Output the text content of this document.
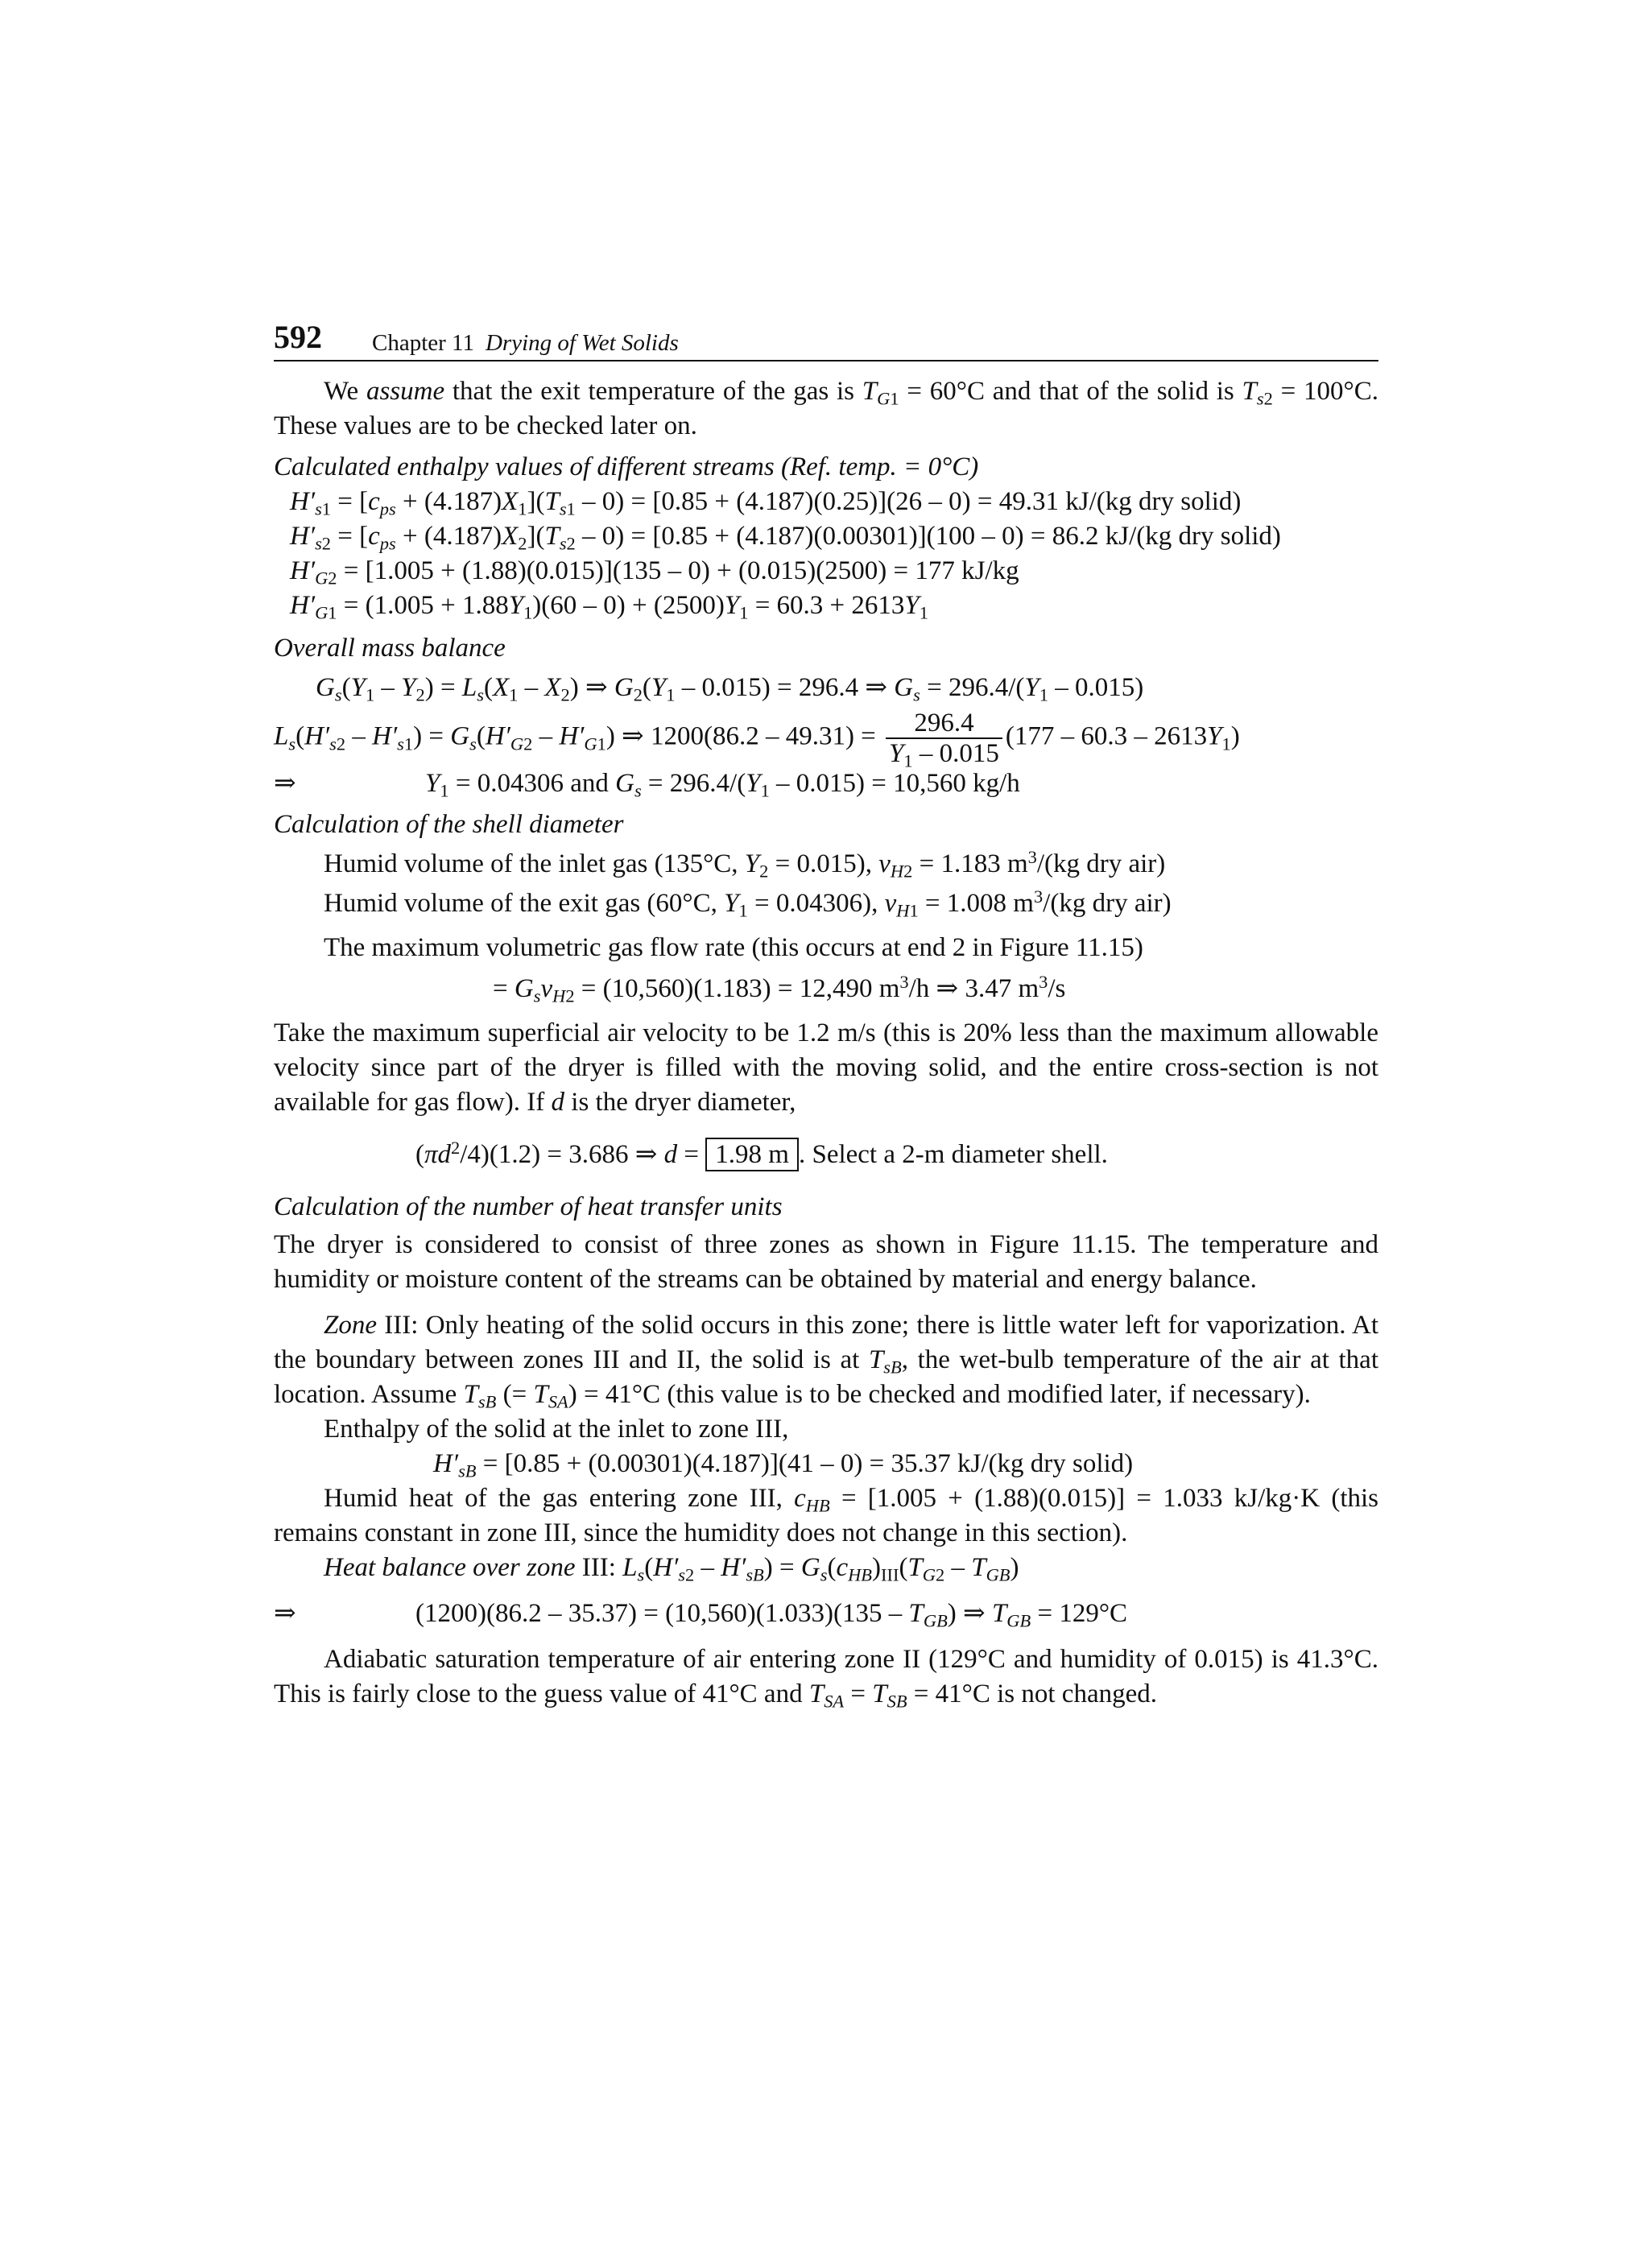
592 Chapter 11 Drying of Wet Solids

We assume that the exit temperature of the gas is $T_{G1} = 60^\circ C$ and that of the solid is $T_{s2} = 100^\circ C$. These values are to be checked later on.

Calculated enthalpy values of different streams (Ref. temp. = 0°C)

$H'_{s1} = [c_{ps} + (4.187)X_1](T_{s1} - 0) = [0.85 + (4.187)(0.25)](26 - 0) = 49.31$ kJ/(kg dry solid)
$H'_{s2} = [c_{ps} + (4.187)X_2](T_{s2} - 0) = [0.85 + (4.187)(0.00301)](100 - 0) = 86.2$ kJ/(kg dry solid)
$H'_{G2} = [1.005 + (1.88)(0.015)](135 - 0) + (0.015)(2500) = 177$ kJ/kg
$H'_{G1} = (1.005 + 1.88Y_1)(60 - 0) + (2500)Y_1 = 60.3 + 2613Y_1$

Overall mass balance

$G_s(Y_1 - Y_2) = L_s(X_1 - X_2)$ ⇒ $G_2(Y_1 - 0.015) = 296.4$ ⇒ $G_s = 296.4/(Y_1 - 0.015)$
$L_s(H'_{s2} - H'_{s1}) = G_s(H'_{G2} - H'_{G1})$ ⇒ $1200(86.2 - 49.31) = \frac{296.4}{Y_1 - 0.015} (177 - 60.3 - 2613Y_1)$
⇒	$Y_1 = 0.04306$ and $G_s = 296.4/(Y_1 - 0.015) = 10,560$ kg/h

Calculation of the shell diameter

Humid volume of the inlet gas (135°C, $Y_2 = 0.015$), $v_{H2} = 1.183$ $m^3/(kg$ dry air)
Humid volume of the exit gas (60°C, $Y_1 = 0.04306$), $v_{H1} = 1.008$ $m^3/(kg$ dry air)
The maximum volumetric gas flow rate (this occurs at end 2 in Figure 11.15)
= $G_sv_{H2} = (10,560)(1.183) = 12,490$ $m^3/h$ ⇒ 3.47 $m^3/s$

Take the maximum superficial air velocity to be 1.2 m/s (this is 20% less than the maximum allowable velocity since part of the dryer is filled with the moving solid, and the entire cross-section is not available for gas flow). If d is the dryer diameter,

$(\pi d^2/4)(1.2) = 3.686$ ⇒ d = 1.98 m . Select a 2-m diameter shell.

Calculation of the number of heat transfer units

The dryer is considered to consist of three zones as shown in Figure 11.15. The temperature and humidity or moisture content of the streams can be obtained by material and energy balance.

Zone III: Only heating of the solid occurs in this zone; there is little water left for vaporization. At the boundary between zones III and II, the solid is at $T_{sB}$, the wet-bulb temperature of the air at that location. Assume $T_{sB}$ (= $T_{SA}) = 41^\circ C$ (this value is to be checked and modified later, if necessary).

Enthalpy of the solid at the inlet to zone III,

$H'_{sB} = [0.85 + (0.00301)(4.187)](41 - 0) = 35.37$ kJ/(kg dry solid)

Humid heat of the gas entering zone III, $c_{HB} = [1.005 + (1.88)(0.015)] = 1.033$ kJ/kg·K (this remains constant in zone III, since the humidity does not change in this section).

Heat balance over zone III: $L_s(H'_{s2} - H'_{sB}) = G_s(c_{HB})_{III}(T_{G2} - T_{GB})$
⇒	$(1200)(86.2 - 35.37) = (10,560)(1.033)(135 - T_{GB})$ ⇒ $T_{GB} = 129^\circ C$

Adiabatic saturation temperature of air entering zone II (129°C and humidity of 0.015) is 41.3°C. This is fairly close to the guess value of 41°C and $T_{SA} = T_{SB} = 41^\circ C$ is not changed.
